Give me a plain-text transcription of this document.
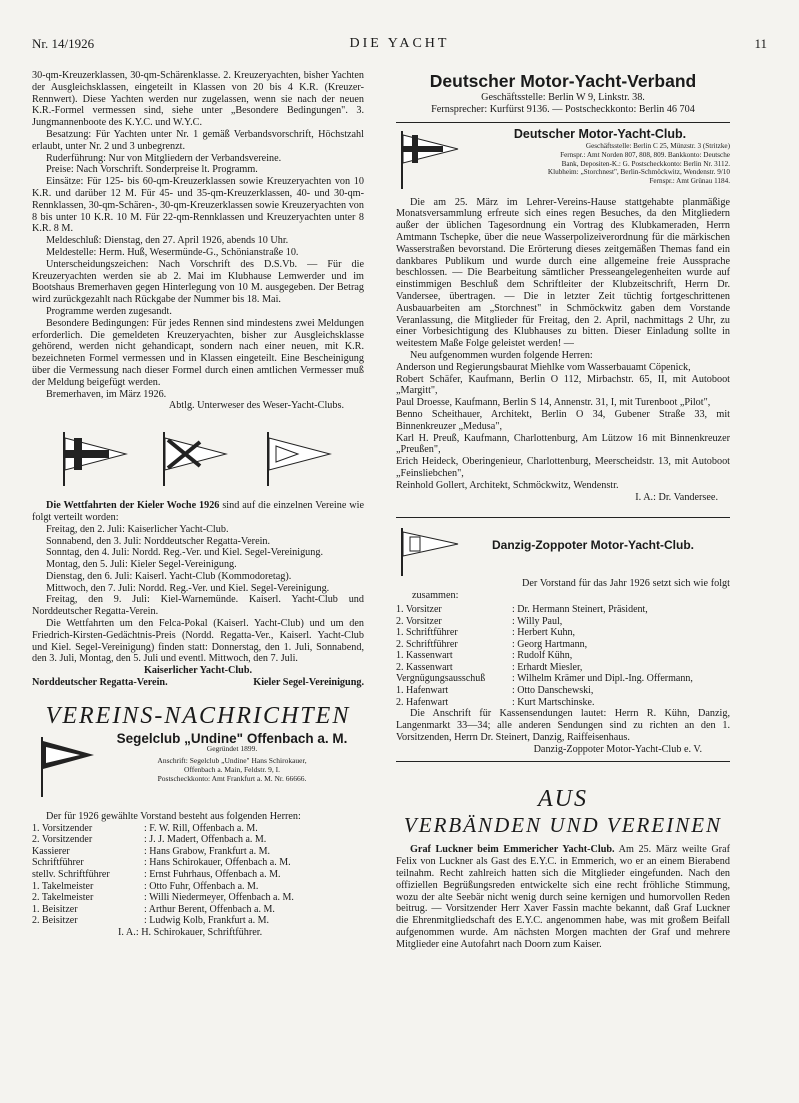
Nr. 14/1926	DIE YACHT	11

30-qm-Kreuzerklassen, 30-qm-Schärenklasse. 2. Kreuzeryachten, bisher Yachten der Ausgleichsklassen, eingeteilt in Klassen von 20 bis 4 K.R. (Kreuzer-Rennwert). Diese Yachten werden nur zugelassen, wenn sie nach der neuen K.R.-Formel vermessen sind, siehe unter „Besondere Bedingungen". 3. Jungmannenboote des K.Y.C. und W.Y.C.

Besatzung: Für Yachten unter Nr. 1 gemäß Verbandsvorschrift, Höchstzahl erlaubt, unter Nr. 2 und 3 unbegrenzt.

Ruderführung: Nur von Mitgliedern der Verbandsvereine.

Preise: Nach Vorschrift. Sonderpreise lt. Programm.

Einsätze: Für 125- bis 60-qm-Kreuzerklassen sowie Kreuzeryachten von 10 K.R. und darüber 12 M. Für 45- und 35-qm-Kreuzerklassen, 40- und 30-qm-Rennklassen, 30-qm-Schären-, 30-qm-Kreuzerklassen sowie Kreuzeryachten von 8 bis unter 10 K.R. 10 M. Für 22-qm-Rennklassen und Kreuzeryachten unter 8 K.R. 8 M.

Meldeschluß: Dienstag, den 27. April 1926, abends 10 Uhr.

Meldestelle: Herm. Huß, Wesermünde-G., Schönianstraße 10.

Unterscheidungszeichen: Nach Vorschrift des D.S.Vb. — Für die Kreuzeryachten werden sie ab 2. Mai im Klubhause Lemwerder und im Bootshaus Bremerhaven gegen Hinterlegung von 10 M. ausgegeben. Der Betrag wird zurückgezahlt nach Rückgabe der Nummer bis 18. Mai.

Programme werden zugesandt.

Besondere Bedingungen: Für jedes Rennen sind mindestens zwei Meldungen erforderlich. Die gemeldeten Kreuzeryachten, bisher zur Ausgleichsklasse gehörend, werden nicht gehandicapt, sondern nach einer neuen, mit K.R. bezeichneten Formel vermessen und in Klassen eingeteilt. Eine Bescheinigung über die Vermessung nach dieser Formel durch einen amtlichen Vermesser muß der Meldung beigefügt werden.

Bremerhaven, im März 1926.

Abtlg. Unterweser des Weser-Yacht-Clubs.

Die Wettfahrten der Kieler Woche 1926 sind auf die einzelnen Vereine wie folgt verteilt worden:

Freitag, den 2. Juli: Kaiserlicher Yacht-Club.

Sonnabend, den 3. Juli: Norddeutscher Regatta-Verein.

Sonntag, den 4. Juli: Nordd. Reg.-Ver. und Kiel. Segel-Vereinigung.

Montag, den 5. Juli: Kieler Segel-Vereinigung.

Dienstag, den 6. Juli: Kaiserl. Yacht-Club (Kommodoretag).

Mittwoch, den 7. Juli: Nordd. Reg.-Ver. und Kiel. Segel-Vereinigung.

Freitag, den 9. Juli: Kiel-Warnemünde. Kaiserl. Yacht-Club und Norddeutscher Regatta-Verein.

Die Wettfahrten um den Felca-Pokal (Kaiserl. Yacht-Club) und um den Friedrich-Kirsten-Gedächtnis-Preis (Nordd. Regatta-Ver., Kaiserl. Yacht-Club und Kiel. Segel-Vereinigung) finden statt: Donnerstag, den 1. Juli, Sonnabend, den 3. Juli, Montag, den 5. Juli und eventl. Mittwoch, den 7. Juli.

Kaiserlicher Yacht-Club.

Norddeutscher Regatta-Verein.	Kieler Segel-Vereinigung.
VEREINS-NACHRICHTEN
Segelclub „Undine" Offenbach a. M.
Gegründet 1899.
Anschrift: Segelclub „Undine" Hans Schirokauer,
Offenbach a. Main, Feldstr. 9, I.
Postscheckkonto: Amt Frankfurt a. M. Nr. 66666.

Der für 1926 gewählte Vorstand besteht aus folgenden Herren:

1. Vorsitzender	: F. W. Rill, Offenbach a. M.
2. Vorsitzender	: J. J. Madert, Offenbach a. M.
Kassierer	: Hans Grabow, Frankfurt a. M.
Schriftführer	: Hans Schirokauer, Offenbach a. M.
stellv. Schriftführer	: Ernst Fuhrhaus, Offenbach a. M.
1. Takelmeister	: Otto Fuhr, Offenbach a. M.
2. Takelmeister	: Willi Niedermeyer, Offenbach a. M.
1. Beisitzer	: Arthur Berent, Offenbach a. M.
2. Beisitzer	: Ludwig Kolb, Frankfurt a. M.

I. A.: H. Schirokauer, Schriftführer.

Deutscher Motor-Yacht-Verband

Geschäftsstelle: Berlin W 9, Linkstr. 38.

Fernsprecher: Kurfürst 9136. — Postscheckkonto: Berlin 46 704

Deutscher Motor-Yacht-Club.
Geschäftsstelle: Berlin C 25, Münzstr. 3 (Stritzke)
Fernspr.: Amt Norden 807, 808, 809. Bankkonto: Deutsche
Bank, Depositen-K.: G. Postscheckkonto: Berlin Nr. 3112.
Klubheim: „Storchnest", Berlin-Schmöckwitz, Wendenstr. 9/10
Fernspr.: Amt Grünau 1184.

Die am 25. März im Lehrer-Vereins-Hause stattgehabte planmäßige Monatsversammlung erfreute sich eines regen Besuches, da den Mitgliedern außer der üblichen Tagesordnung ein Vortrag des Klubkameraden, Herrn Amtmann Tschepke, über die neue Wasserpolizeiverordnung für die märkischen Wasserstraßen bevorstand. Die Erörterung dieses zeitgemäßen Themas fand ein dankbares Publikum und wurde durch eine allgemeine freie Aussprache beschlossen. — Die Bearbeitung sämtlicher Presseangelegenheiten wurde auf einstimmigen Beschluß dem Schriftleiter der Klubzeitschrift, Herrn Dr. Vandersee, übertragen. — Die in letzter Zeit tüchtig fortgeschrittenen Ausbauarbeiten am „Storchnest" in Schmöckwitz gaben dem Vorstande Veranlassung, die Mitglieder für Freitag, den 2. April, nachmittags 2 Uhr, zu einer Vorbesichtigung des Klubhauses zu bitten. Dieser Einladung sollte in weitestem Maße Folge geleistet werden! —

Neu aufgenommen wurden folgende Herren:

Anderson und Regierungsbaurat Miehlke vom Wasserbauamt Cöpenick,

Robert Schäfer, Kaufmann, Berlin O 112, Mirbachstr. 65, II, mit Autoboot „Margitt",

Paul Droesse, Kaufmann, Berlin S 14, Annenstr. 31, I, mit Turenboot „Pilot",

Benno Scheithauer, Architekt, Berlin O 34, Gubener Straße 33, mit Binnenkreuzer „Medusa",

Karl H. Preuß, Kaufmann, Charlottenburg, Am Lützow 16 mit Binnenkreuzer „Preußen",

Erich Heideck, Oberingenieur, Charlottenburg, Meerscheidstr. 13, mit Autoboot „Feinsliebchen",

Reinhold Gollert, Architekt, Schmöckwitz, Wendenstr.

I. A.: Dr. Vandersee.

Danzig-Zoppoter Motor-Yacht-Club.

Der Vorstand für das Jahr 1926 setzt sich wie folgt zusammen:

1. Vorsitzer	: Dr. Hermann Steinert, Präsident,
2. Vorsitzer	: Willy Paul,
1. Schriftführer	: Herbert Kuhn,
2. Schriftführer	: Georg Hartmann,
1. Kassenwart	: Rudolf Kühn,
2. Kassenwart	: Erhardt Miesler,
Vergnügungsausschuß	: Wilhelm Krämer und Dipl.-Ing. Offermann,
1. Hafenwart	: Otto Danschewski,
2. Hafenwart	: Kurt Martschinske.

Die Anschrift für Kassensendungen lautet: Herrn R. Kühn, Danzig, Langenmarkt 33—34; alle anderen Sendungen sind zu richten an den 1. Vorsitzenden, Herrn Dr. Steinert, Danzig, Raiffeisenhaus.

Danzig-Zoppoter Motor-Yacht-Club e. V.

AUS
VERBÄNDEN UND VEREINEN

Graf Luckner beim Emmericher Yacht-Club. Am 25. März weilte Graf Felix von Luckner als Gast des E.Y.C. in Emmerich, wo er an einem Bierabend teilnahm. Recht zahlreich hatten sich die Mitglieder eingefunden. Nach den offiziellen Begrüßungsreden entwickelte sich eine recht fröhliche Stimmung, wozu der alte Seebär nicht wenig durch seine kernigen und humorvollen Reden beitrug. — Vorsitzender Herr Xaver Fassin machte bekannt, daß Graf Luckner die Ehrenmitgliedschaft des E.Y.C. angenommen habe, was mit großem Beifall aufgenommen wurde. Am nächsten Morgen machten der Graf und mehrere Mitglieder eine Autofahrt nach Doorn zum Kaiser.
